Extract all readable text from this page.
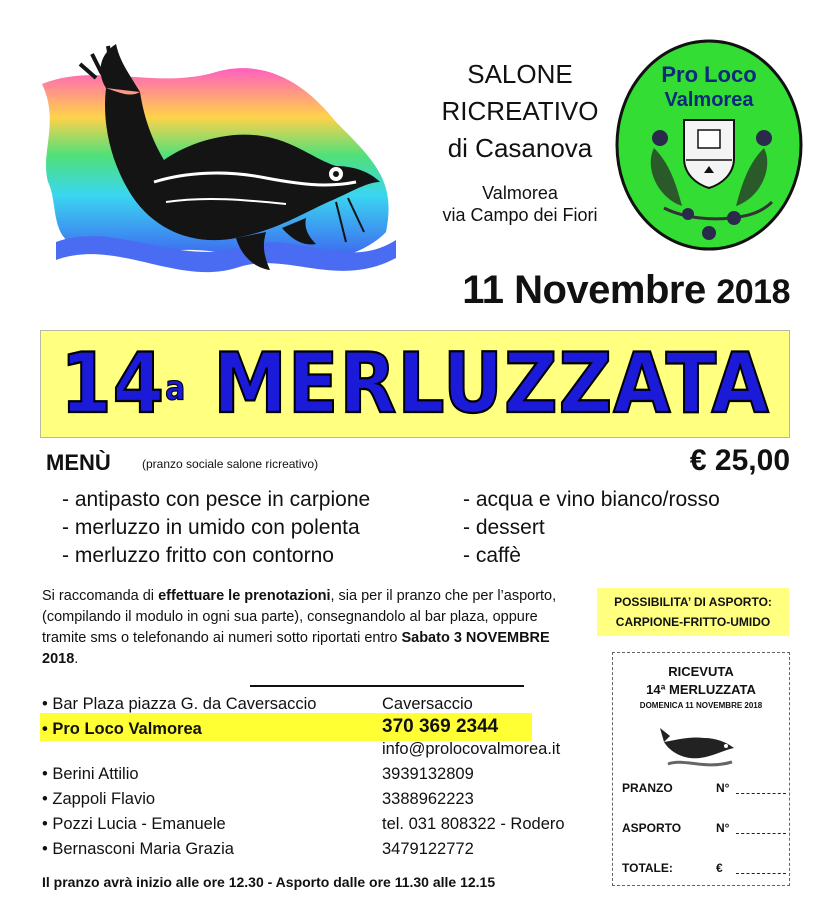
SALONE
RICREATIVO
di Casanova
Valmorea
via Campo dei Fiori
Pro Loco
Valmorea
11 Novembre 2018
14$^a$
MERLUZZATA
MENÙ	(pranzo sociale salone ricreativo)	€ 25,00
- antipasto con pesce in carpione
- merluzzo in umido con polenta
- merluzzo fritto con contorno
- acqua e vino bianco/rosso
- dessert
- caffè
Si raccomanda di effettuare le prenotazioni, sia per il pranzo che per l’asporto, (compilando il modulo in ogni sua parte), consegnandolo al bar plaza, oppure tramite sms o telefonando ai numeri sotto riportati entro Sabato 3 NOVEMBRE 2018.
POSSIBILITA’ DI ASPORTO:
CARPIONE-FRITTO-UMIDO
• Bar Plaza piazza G. da Caversaccio	Caversaccio
• Pro Loco Valmorea	370 369 2344
info@prolocovalmorea.it
• Berini Attilio	3939132809
• Zappoli Flavio	3388962223
• Pozzi Lucia - Emanuele	tel. 031 808322 - Rodero
• Bernasconi Maria Grazia	3479122772
Il pranzo avrà inizio alle ore 12.30 - Asporto dalle ore 11.30 alle 12.15
RICEVUTA
14ª MERLUZZATA
DOMENICA 11 NOVEMBRE 2018
PRANZO	N°
ASPORTO	N°
TOTALE:	€
